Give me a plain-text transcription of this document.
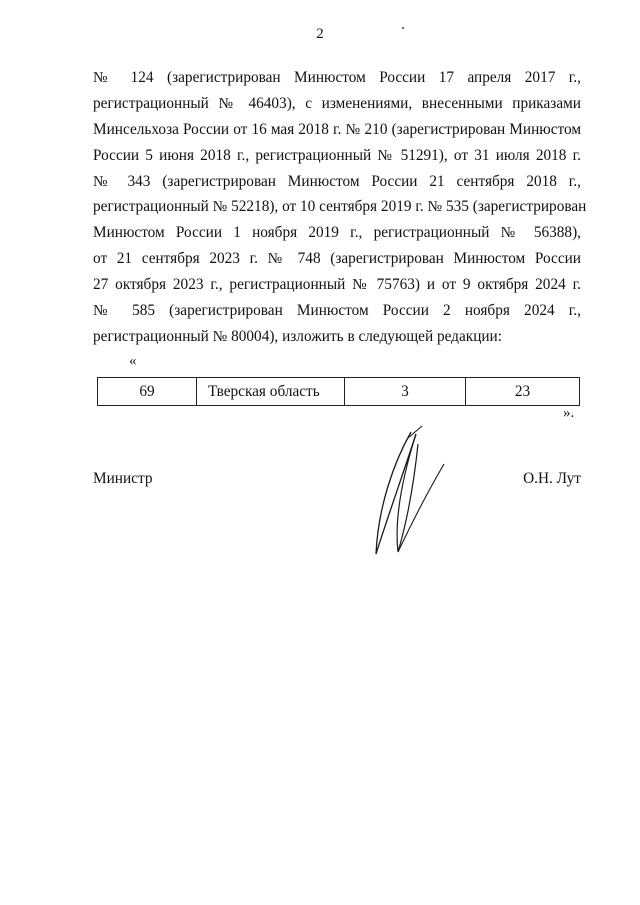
2
№ 124 (зарегистрирован Минюстом России 17 апреля 2017 г.,
регистрационный № 46403), с изменениями, внесенными приказами
Минсельхоза России от 16 мая 2018 г. № 210 (зарегистрирован Минюстом
России 5 июня 2018 г., регистрационный № 51291), от 31 июля 2018 г.
№ 343 (зарегистрирован Минюстом России 21 сентября 2018 г.,
регистрационный № 52218), от 10 сентября 2019 г. № 535 (зарегистрирован
Минюстом России 1 ноября 2019 г., регистрационный № 56388),
от 21 сентября 2023 г. № 748 (зарегистрирован Минюстом России
27 октября 2023 г., регистрационный № 75763) и от 9 октября 2024 г.
№ 585 (зарегистрирован Минюстом России 2 ноября 2024 г.,
регистрационный № 80004), изложить в следующей редакции:
«
69	Тверская область	3	23
».
Министр	О.Н. Лут
